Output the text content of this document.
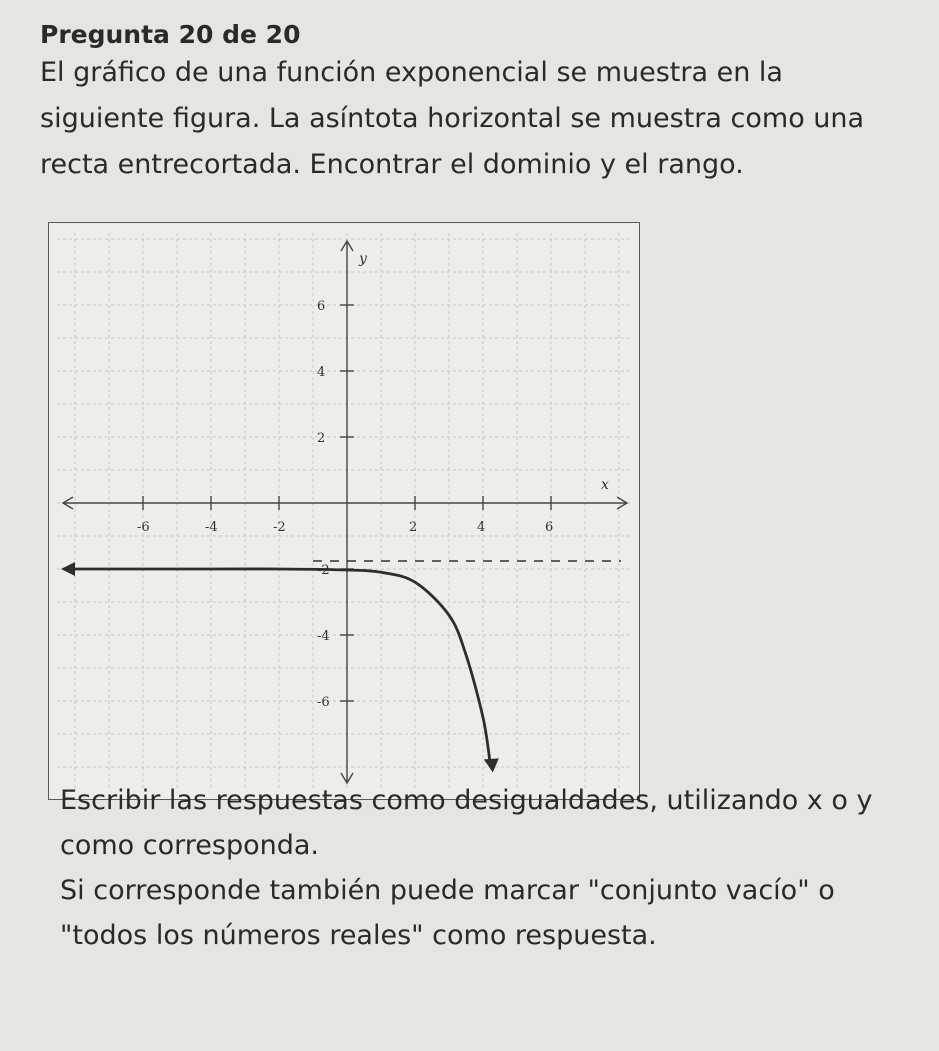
Pregunta 20 de 20
El gráfico de una función exponencial se muestra en la siguiente figura. La asíntota horizontal se muestra como una recta entrecortada. Encontrar el dominio y el rango.
x
y
-6	-4	-2	2	4	6
6
4
2
-2
-4
-6

Escribir las respuestas como desigualdades, utilizando x o y como corresponda.

Si corresponde también puede marcar "conjunto vacío" o "todos los números reales" como respuesta.
